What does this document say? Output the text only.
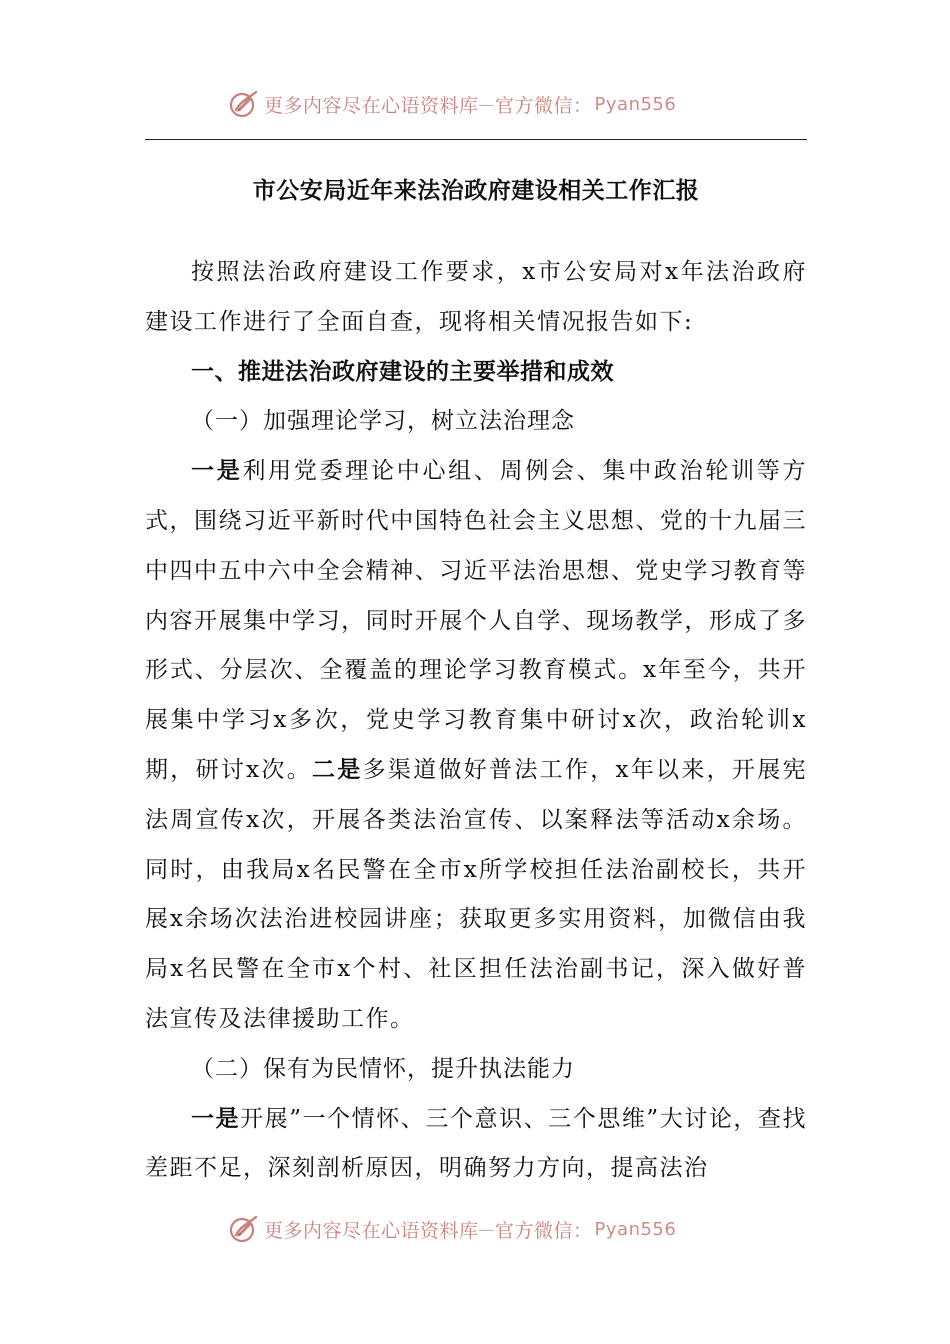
更多内容尽在心语资料库 — 官方微信： Pyan556
市公安局近年来法治政府建设相关工作汇报

按照法治政府建设工作要求，x市公安局对x年法治政府建设工作进行了全面自查，现将相关情况报告如下:

一、推进法治政府建设的主要举措和成效

（一）加强理论学习，树立法治理念

一是利用党委理论中心组、周例会、集中政治轮训等方式，围绕习近平新时代中国特色社会主义思想、党的十九届三中四中五中六中全会精神、习近平法治思想、党史学习教育等内容开展集中学习，同时开展个人自学、现场教学，形成了多形式、分层次、全覆盖的理论学习教育模式。x年至今，共开展集中学习x多次，党史学习教育集中研讨x次，政治轮训x期，研讨x次。二是多渠道做好普法工作，x年以来，开展宪法周宣传x次，开展各类法治宣传、以案释法等活动x余场。同时，由我局x名民警在全市x所学校担任法治副校长，共开展x余场次法治进校园讲座；获取更多实用资料，加微信由我局x名民警在全市x个村、社区担任法治副书记，深入做好普法宣传及法律援助工作。

（二）保有为民情怀，提升执法能力

一是开展”一个情怀、三个意识、三个思维”大讨论，查找差距不足，深刻剖析原因，明确努力方向，提高法治

更多内容尽在心语资料库 — 官方微信： Pyan556
